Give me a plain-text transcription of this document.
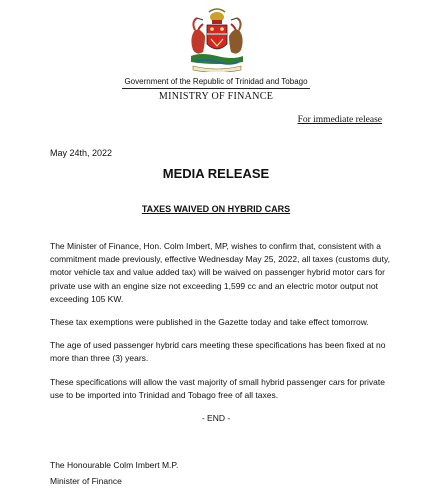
Government of the Republic of Trinidad and Tobago
MINISTRY OF FINANCE
For immediate release
May 24th, 2022
MEDIA RELEASE
TAXES WAIVED ON HYBRID CARS

The Minister of Finance, Hon. Colm Imbert, MP, wishes to confirm that, consistent with a commitment made previously, effective Wednesday May 25, 2022, all taxes (customs duty, motor vehicle tax and value added tax) will be waived on passenger hybrid motor cars for private use with an engine size not exceeding 1,599 cc and an electric motor output not exceeding 105 KW.

These tax exemptions were published in the Gazette today and take effect tomorrow.

The age of used passenger hybrid cars meeting these specifications has been fixed at no more than three (3) years.

These specifications will allow the vast majority of small hybrid passenger cars for private use to be imported into Trinidad and Tobago free of all taxes.

- END -
The Honourable Colm Imbert M.P.
Minister of Finance
